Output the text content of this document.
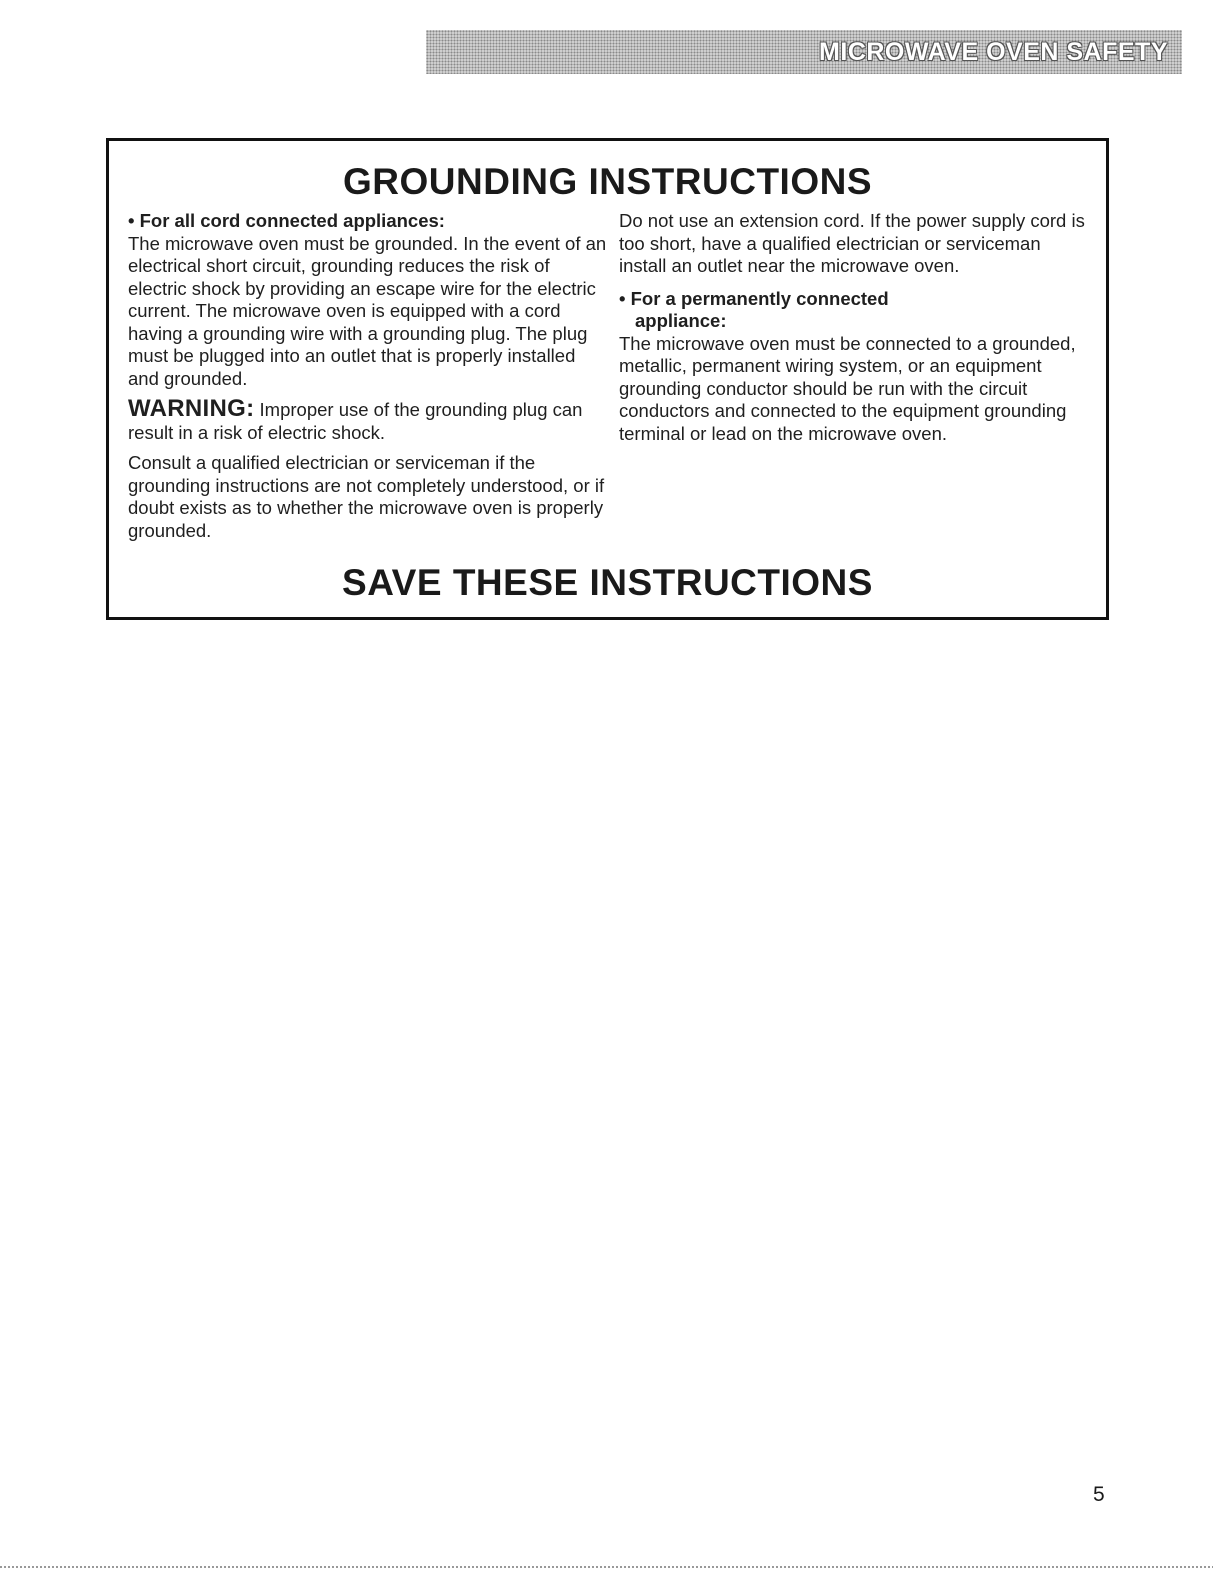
MICROWAVE OVEN SAFETY
GROUNDING INSTRUCTIONS

• For all cord connected appliances:

The microwave oven must be grounded. In the event of an electrical short circuit, grounding reduces the risk of electric shock by providing an escape wire for the electric current. The microwave oven is equipped with a cord having a grounding wire with a grounding plug. The plug must be plugged into an outlet that is properly installed and grounded.

WARNING: Improper use of the grounding plug can result in a risk of electric shock.

Consult a qualified electrician or serviceman if the grounding instructions are not completely understood, or if doubt exists as to whether the microwave oven is properly grounded.

Do not use an extension cord. If the power supply cord is too short, have a qualified electrician or serviceman install an outlet near the microwave oven.

• For a permanently connected
appliance:

The microwave oven must be connected to a grounded, metallic, permanent wiring system, or an equipment grounding conductor should be run with the circuit conductors and connected to the equipment grounding terminal or lead on the microwave oven.

SAVE THESE INSTRUCTIONS
5
